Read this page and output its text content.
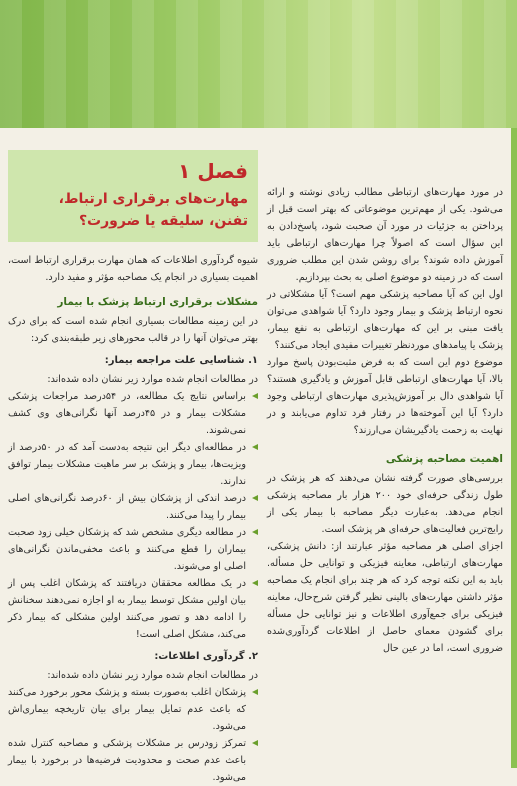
در مورد مهارت‌های ارتباطی مطالب زیادی نوشته و ارائه می‌شود. یکی از مهم‌ترین موضوعاتی که بهتر است قبل از پرداختن به جزئیات در مورد آن صحبت شود، پاسخ‌دادن به این سؤال است که اصولاً چرا مهارت‌های ارتباطی باید آموزش داده شوند؟ برای روشن شدن این مطلب ضروری است که در زمینه دو موضوع اصلی به بحث بپردازیم.

اول این که آیا مصاحبه پزشکی مهم است؟ آیا مشکلاتی در نحوه ارتباط پزشک و بیمار وجود دارد؟ آیا شواهدی می‌توان یافت مبنی بر این که مهارت‌های ارتباطی به نفع بیمار، پزشک یا پیامدهای موردنظر تغییرات مفیدی ایجاد می‌کنند؟

موضوع دوم این است که به فرض مثبت‌بودن پاسخ موارد بالا، آیا مهارت‌های ارتباطی قابل آموزش و یادگیری هستند؟ آیا شواهدی دال بر آموزش‌پذیری مهارت‌های ارتباطی وجود دارد؟ آیا این آموخته‌ها در رفتار فرد تداوم می‌یابند و در نهایت به زحمت یادگیریشان می‌ارزند؟

اهمیت مصاحبه پزشکی

بررسی‌های صورت گرفته نشان می‌دهند که هر پزشک در طول زندگی حرفه‌ای خود ۲۰۰ هزار بار مصاحبه پزشکی انجام می‌دهد. به‌عبارت دیگر مصاحبه با بیمار یکی از رایج‌ترین فعالیت‌های حرفه‌ای هر پزشک است.

اجزای اصلی هر مصاحبه مؤثر عبارتند از: دانش پزشکی، مهارت‌های ارتباطی، معاینه فیزیکی و توانایی حل مسأله. باید به این نکته توجه کرد که هر چند برای انجام یک مصاحبه مؤثر داشتن مهارت‌های بالینی نظیر گرفتن شرح‌حال، معاینه فیزیکی برای جمع‌آوری اطلاعات و نیز توانایی حل مسأله برای گشودن معمای حاصل از اطلاعات گردآوری‌شده ضروری است، اما در عین حال

فصل ۱
مهارت‌های برقراری ارتباط، تفنن، سلیقه یا ضرورت؟

شیوه گردآوری اطلاعات که همان مهارت برقراری ارتباط است، اهمیت بسیاری در انجام یک مصاحبه مؤثر و مفید دارد.

مشکلات برقراری ارتباط پزشک با بیمار

در این زمینه مطالعات بسیاری انجام شده است که برای درک بهتر می‌توان آنها را در قالب محورهای زیر طبقه‌بندی کرد:

۱. شناسایی علت مراجعه بیمار:

در مطالعات انجام شده موارد زیر نشان داده شده‌اند:

براساس نتایج یک مطالعه، در ۵۴درصد مراجعات پزشکی مشکلات بیمار و در ۴۵درصد آنها نگرانی‌های وی کشف نمی‌شوند.

در مطالعه‌ای دیگر این نتیجه به‌دست آمد که در ۵۰درصد از ویزیت‌ها، بیمار و پزشک بر سر ماهیت مشکلات بیمار توافق ندارند.

درصد اندکی از پزشکان بیش از ۶۰درصد نگرانی‌های اصلی بیمار را پیدا می‌کنند.

در مطالعه دیگری مشخص شد که پزشکان خیلی زود صحبت بیماران را قطع می‌کنند و باعث مخفی‌ماندن نگرانی‌های اصلی او می‌شوند.

در یک مطالعه محققان دریافتند که پزشکان اغلب پس از بیان اولین مشکل توسط بیمار به او اجازه نمی‌دهند سخنانش را ادامه دهد و تصور می‌کنند اولین مشکلی که بیمار ذکر می‌کند، مشکل اصلی است!

۲. گردآوری اطلاعات:

در مطالعات انجام شده موارد زیر نشان داده شده‌اند:

پزشکان اغلب به‌صورت بسته و پزشک محور برخورد می‌کنند که باعث عدم تمایل بیمار برای بیان تاریخچه بیماری‌اش می‌شود.

تمرکز زودرس بر مشکلات پزشکی و مصاحبه کنترل شده باعث عدم صحت و محدودیت فرضیه‌ها در برخورد با بیمار می‌شود.
